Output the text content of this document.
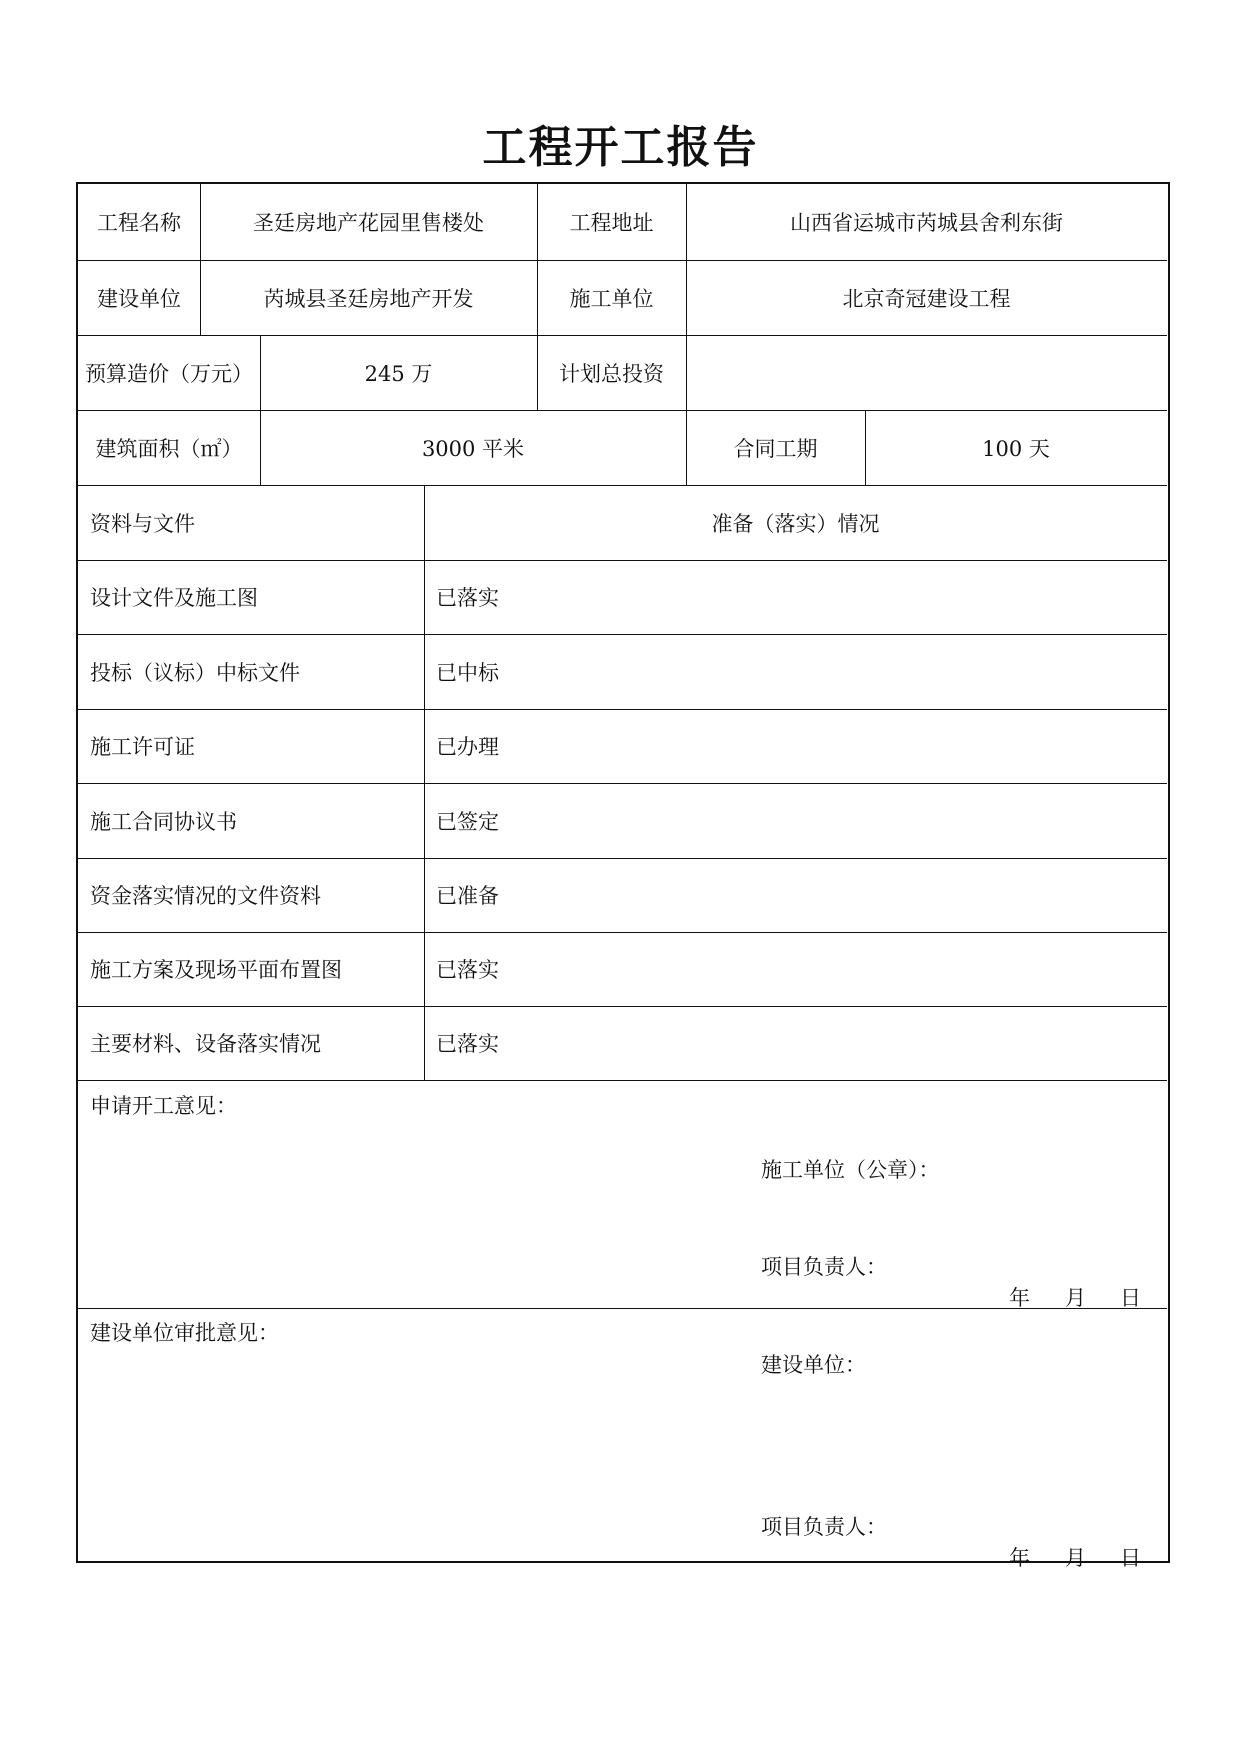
工程开工报告
工程名称	圣廷房地产花园里售楼处	工程地址	山西省运城市芮城县舍利东街
建设单位	芮城县圣廷房地产开发	施工单位	北京奇冠建设工程
预算造价（万元）	245 万	计划总投资
建筑面积（㎡）	3000 平米	合同工期	100 天
资料与文件	准备（落实）情况
设计文件及施工图	已落实
投标（议标）中标文件	已中标
施工许可证	已办理
施工合同协议书	已签定
资金落实情况的文件资料	已准备
施工方案及现场平面布置图	已落实
主要材料、设备落实情况	已落实
申请开工意见：
施工单位（公章）：
项目负责人：
年 月 日
建设单位审批意见：
建设单位：
项目负责人：
年 月 日
